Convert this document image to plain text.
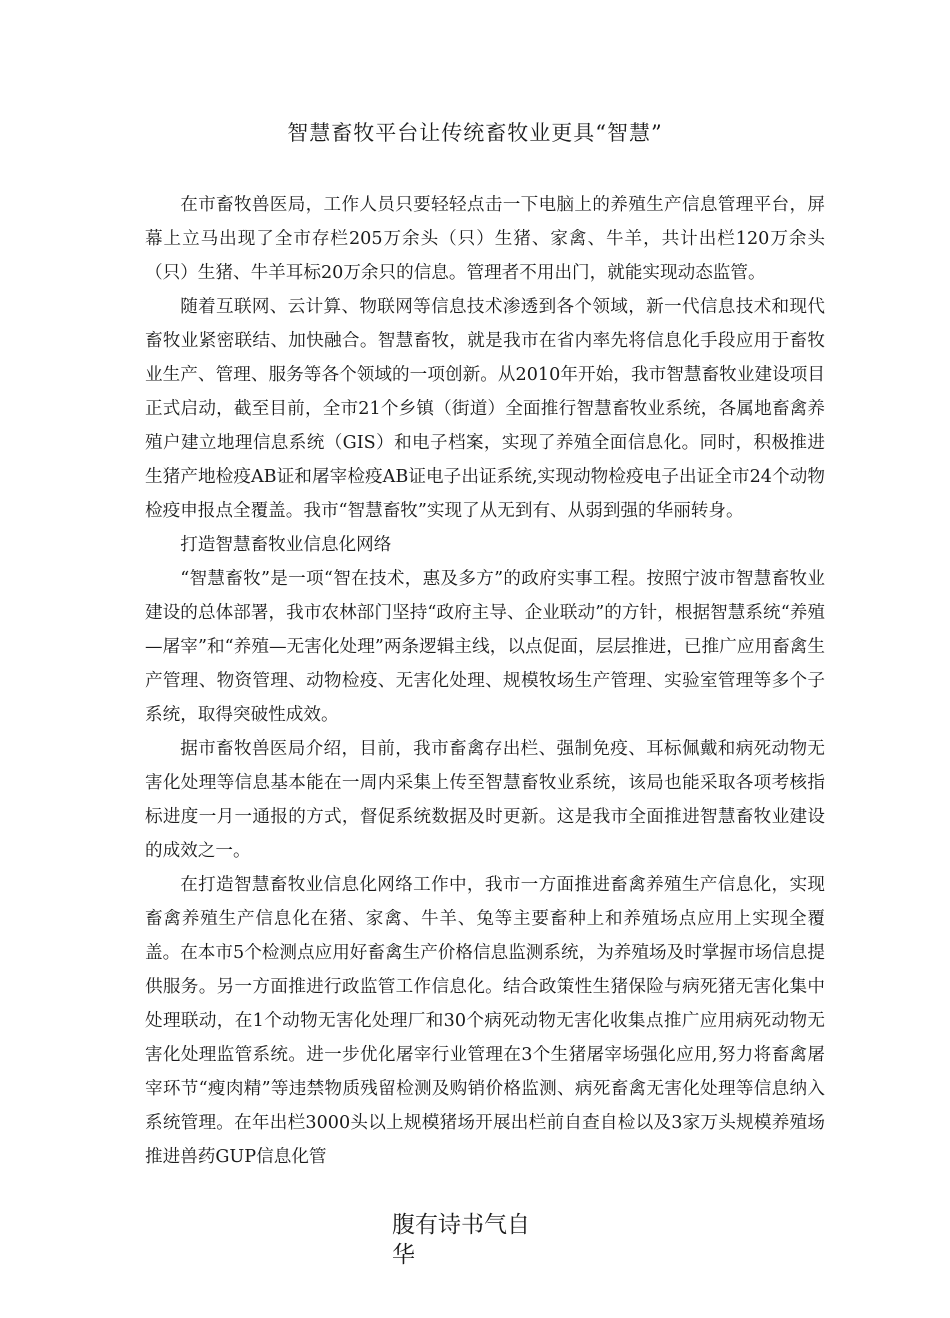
智慧畜牧平台让传统畜牧业更具“智慧”

在市畜牧兽医局，工作人员只要轻轻点击一下电脑上的养殖生产信息管理平台，屏幕上立马出现了全市存栏205万余头（只）生猪、家禽、牛羊，共计出栏120万余头（只）生猪、牛羊耳标20万余只的信息。管理者不用出门，就能实现动态监管。

随着互联网、云计算、物联网等信息技术渗透到各个领域，新一代信息技术和现代畜牧业紧密联结、加快融合。智慧畜牧，就是我市在省内率先将信息化手段应用于畜牧业生产、管理、服务等各个领域的一项创新。从2010年开始，我市智慧畜牧业建设项目正式启动，截至目前，全市21个乡镇（街道）全面推行智慧畜牧业系统，各属地畜禽养殖户建立地理信息系统（GIS）和电子档案，实现了养殖全面信息化。同时，积极推进生猪产地检疫AB证和屠宰检疫AB证电子出证系统,实现动物检疫电子出证全市24个动物检疫申报点全覆盖。我市“智慧畜牧”实现了从无到有、从弱到强的华丽转身。

打造智慧畜牧业信息化网络

“智慧畜牧”是一项“智在技术，惠及多方”的政府实事工程。按照宁波市智慧畜牧业建设的总体部署，我市农林部门坚持“政府主导、企业联动”的方针，根据智慧系统“养殖—屠宰”和“养殖—无害化处理”两条逻辑主线，以点促面，层层推进，已推广应用畜禽生产管理、物资管理、动物检疫、无害化处理、规模牧场生产管理、实验室管理等多个子系统，取得突破性成效。

据市畜牧兽医局介绍，目前，我市畜禽存出栏、强制免疫、耳标佩戴和病死动物无害化处理等信息基本能在一周内采集上传至智慧畜牧业系统，该局也能采取各项考核指标进度一月一通报的方式，督促系统数据及时更新。这是我市全面推进智慧畜牧业建设的成效之一。

在打造智慧畜牧业信息化网络工作中，我市一方面推进畜禽养殖生产信息化，实现畜禽养殖生产信息化在猪、家禽、牛羊、兔等主要畜种上和养殖场点应用上实现全覆盖。在本市5个检测点应用好畜禽生产价格信息监测系统，为养殖场及时掌握市场信息提供服务。另一方面推进行政监管工作信息化。结合政策性生猪保险与病死猪无害化集中处理联动，在1个动物无害化处理厂和30个病死动物无害化收集点推广应用病死动物无害化处理监管系统。进一步优化屠宰行业管理在3个生猪屠宰场强化应用,努力将畜禽屠宰环节“瘦肉精”等违禁物质残留检测及购销价格监测、病死畜禽无害化处理等信息纳入系统管理。在年出栏3000头以上规模猪场开展出栏前自查自检以及3家万头规模养殖场推进兽药GUP信息化管

腹有诗书气自华
